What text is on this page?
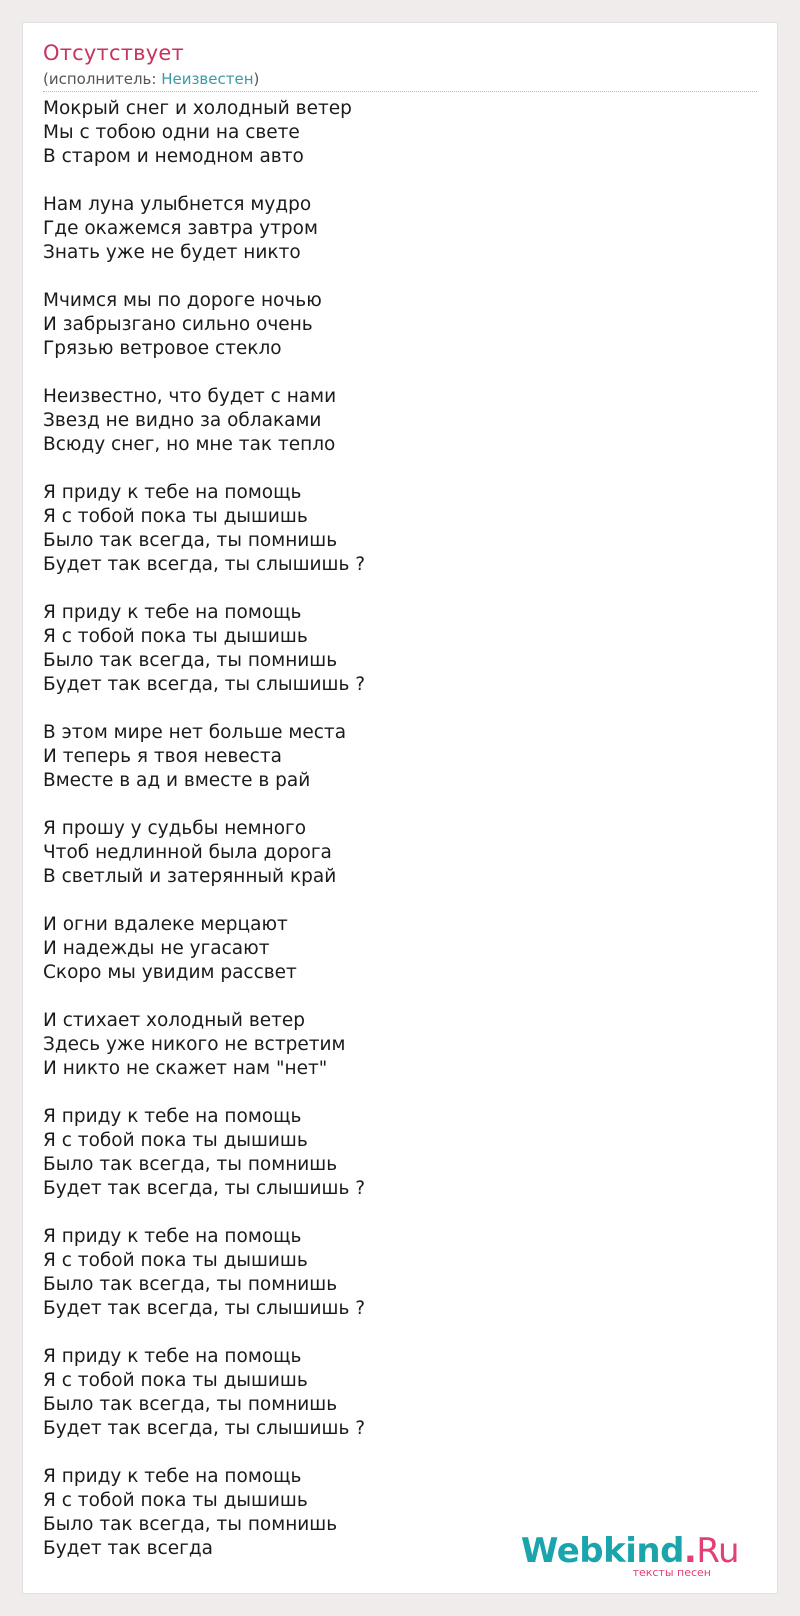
Отсутствует
(исполнитель: Неизвестен)
Мокрый снег и холодный ветер
Мы с тобою одни на свете
В старом и немодном авто
Нам луна улыбнется мудро
Где окажемся завтра утром
Знать уже не будет никто
Мчимся мы по дороге ночью
И забрызгано сильно очень
Грязью ветровое стекло
Неизвестно, что будет с нами
Звезд не видно за облаками
Всюду снег, но мне так тепло
Я приду к тебе на помощь
Я с тобой пока ты дышишь
Было так всегда, ты помнишь
Будет так всегда, ты слышишь ?
Я приду к тебе на помощь
Я с тобой пока ты дышишь
Было так всегда, ты помнишь
Будет так всегда, ты слышишь ?
В этом мире нет больше места
И теперь я твоя невеста
Вместе в ад и вместе в рай
Я прошу у судьбы немного
Чтоб недлинной была дорога
В светлый и затерянный край
И огни вдалеке мерцают
И надежды не угасают
Скоро мы увидим рассвет
И стихает холодный ветер
Здесь уже никого не встретим
И никто не скажет нам "нет"
Я приду к тебе на помощь
Я с тобой пока ты дышишь
Было так всегда, ты помнишь
Будет так всегда, ты слышишь ?
Я приду к тебе на помощь
Я с тобой пока ты дышишь
Было так всегда, ты помнишь
Будет так всегда, ты слышишь ?
Я приду к тебе на помощь
Я с тобой пока ты дышишь
Было так всегда, ты помнишь
Будет так всегда, ты слышишь ?
Я приду к тебе на помощь
Я с тобой пока ты дышишь
Было так всегда, ты помнишь
Будет так всегда	Webkind.Ru
тексты песен
